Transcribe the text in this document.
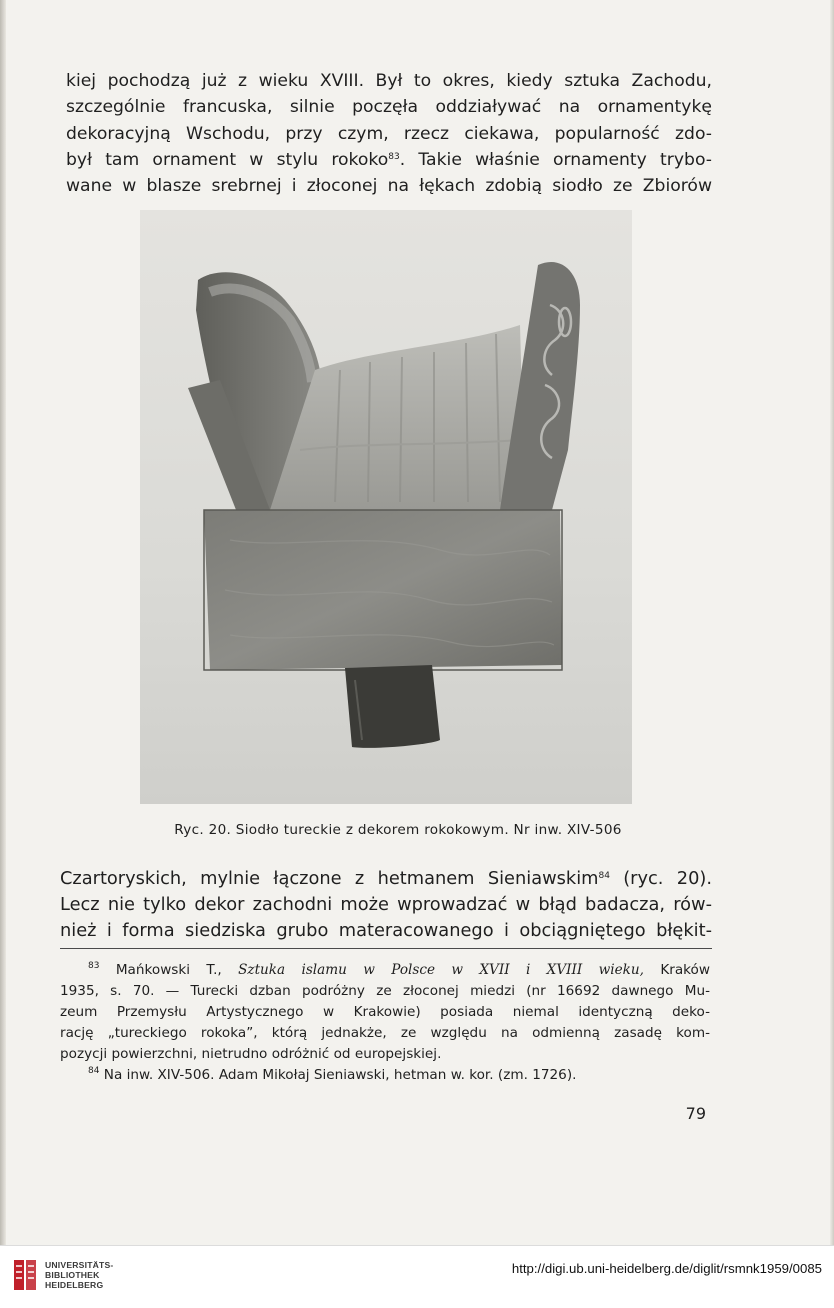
kiej pochodzą już z wieku XVIII. Był to okres, kiedy sztuka Zachodu,
szczególnie francuska, silnie poczęła oddziaływać na ornamentykę
dekoracyjną Wschodu, przy czym, rzecz ciekawa, popularność zdo-
był tam ornament w stylu rokoko$^{83}$. Takie właśnie ornamenty trybo-
wane w blasze srebrnej i złoconej na łękach zdobią siodło ze Zbiorów
Ryc. 20. Siodło tureckie z dekorem rokokowym. Nr inw. XIV-506
Czartoryskich, mylnie łączone z hetmanem Sieniawskim$^{84}$ (ryc. 20).
Lecz nie tylko dekor zachodni może wprowadzać w błąd badacza, rów-
nież i forma siedziska grubo materacowanego i obciągniętego błękit-
$^{83}$ Mańkowski T., Sztuka islamu w Polsce w XVII i XVIII wieku, Kraków
1935, s. 70. — Turecki dzban podróżny ze złoconej miedzi (nr 16692 dawnego Mu-
zeum Przemysłu Artystycznego w Krakowie) posiada niemal identyczną deko-
rację „tureckiego rokoka”, którą jednakże, ze względu na odmienną zasadę kom-
pozycji powierzchni, nietrudno odróżnić od europejskiej.
$^{84}$ Na inw. XIV-506. Adam Mikołaj Sieniawski, hetman w. kor. (zm. 1726).
79
UNIVERSITÄTS-
BIBLIOTHEK
HEIDELBERG
http://digi.ub.uni-heidelberg.de/diglit/rsmnk1959/0085
